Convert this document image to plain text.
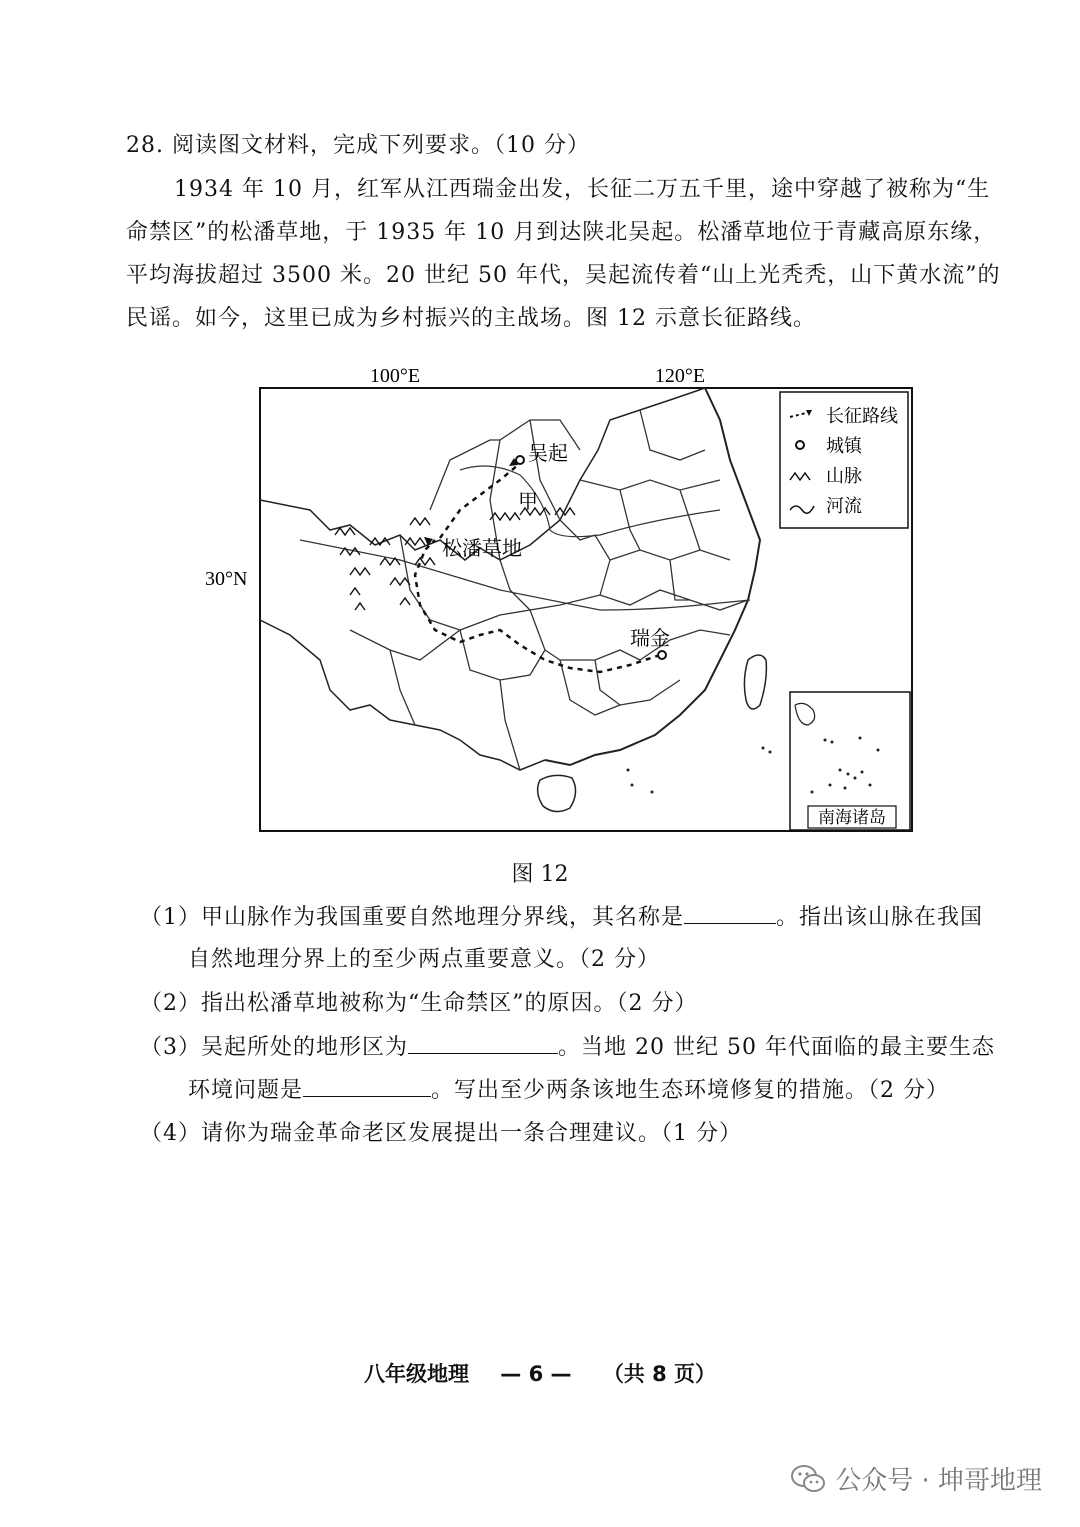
28. 阅读图文材料，完成下列要求。（10 分）
1934 年 10 月，红军从江西瑞金出发，长征二万五千里，途中穿越了被称为“生
命禁区”的松潘草地，于 1935 年 10 月到达陕北吴起。松潘草地位于青藏高原东缘，
平均海拔超过 3500 米。20 世纪 50 年代，吴起流传着“山上光秃秃，山下黄水流”的
民谣。如今，这里已成为乡村振兴的主战场。图 12 示意长征路线。
100°E	120°E
30°N
吴起
甲
松潘草地
瑞金
长征路线
城镇
山脉
河流
南海诸岛
图 12
（1）甲山脉作为我国重要自然地理分界线，其名称是	。指出该山脉在我国
自然地理分界上的至少两点重要意义。（2 分）
（2）指出松潘草地被称为“生命禁区”的原因。（2 分）
（3）吴起所处的地形区为	。当地 20 世纪 50 年代面临的最主要生态
环境问题是	。写出至少两条该地生态环境修复的措施。（2 分）
（4）请你为瑞金革命老区发展提出一条合理建议。（1 分）
八年级地理 — 6 — （共 8 页）
公众号 · 坤哥地理
